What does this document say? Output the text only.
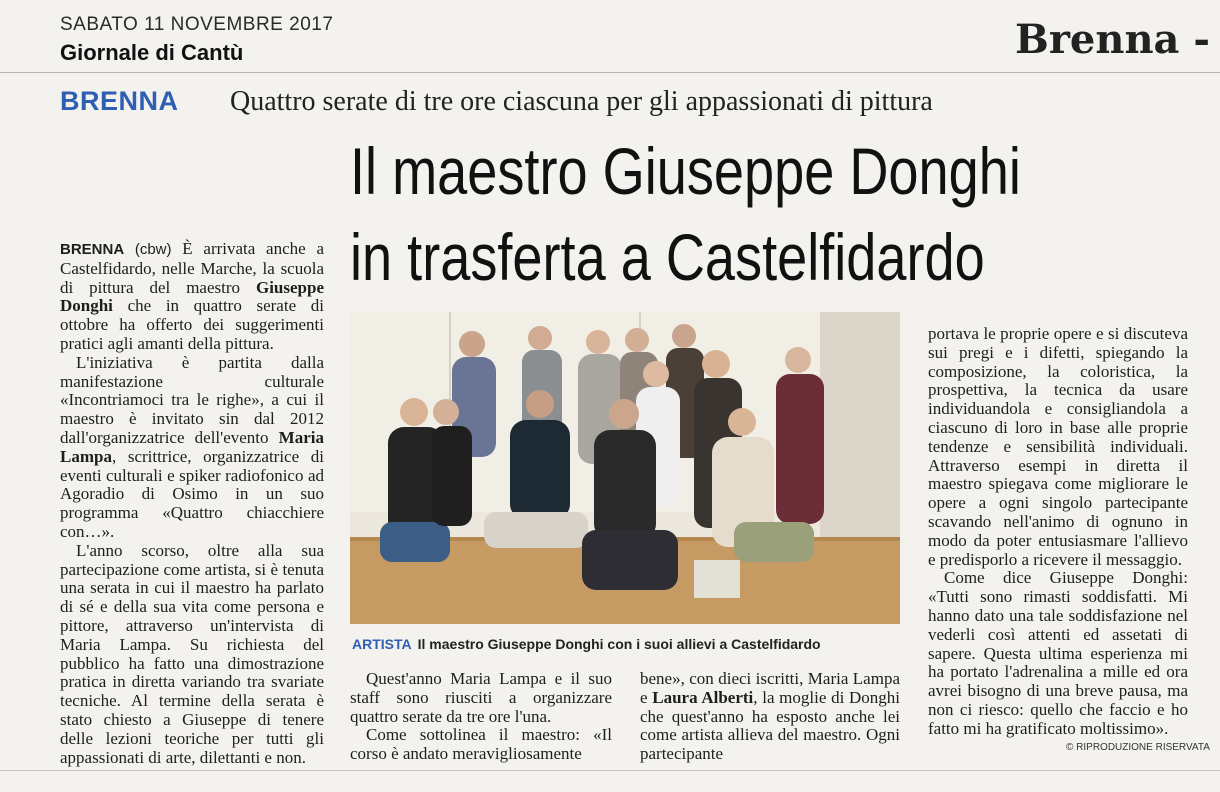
SABATO 11 NOVEMBRE 2017
Giornale di Cantù	Brenna -
BRENNA Quattro serate di tre ore ciascuna per gli appassionati di pittura
Il maestro Giuseppe Donghi
in trasferta a Castelfidardo

BRENNA (cbw) È arrivata anche a Castelfidardo, nelle Marche, la scuola di pittura del maestro Giuseppe Donghi che in quattro serate di ottobre ha offerto dei suggerimenti pratici agli amanti della pittura.

L'iniziativa è partita dalla manifestazione culturale «Incontriamoci tra le righe», a cui il maestro è invitato sin dal 2012 dall'organizzatrice dell'evento Maria Lampa, scrittrice, organizzatrice di eventi culturali e spiker radiofonico ad Agoradio di Osimo in un suo programma «Quattro chiacchiere con…».

L'anno scorso, oltre alla sua partecipazione come artista, si è tenuta una serata in cui il maestro ha parlato di sé e della sua vita come persona e pittore, attraverso un'intervista di Maria Lampa. Su richiesta del pubblico ha fatto una dimostrazione pratica in diretta variando tra svariate tecniche. Al termine della serata è stato chiesto a Giuseppe di tenere delle lezioni teoriche per tutti gli appassionati di arte, dilettanti e non.

ARTISTA Il maestro Giuseppe Donghi con i suoi allievi a Castelfidardo

Quest'anno Maria Lampa e il suo staff sono riusciti a organizzare quattro serate da tre ore l'una.

Come sottolinea il maestro: «Il corso è andato meravigliosamente

bene», con dieci iscritti, Maria Lampa e Laura Alberti, la moglie di Donghi che quest'anno ha esposto anche lei come artista allieva del maestro. Ogni partecipante

portava le proprie opere e si discuteva sui pregi e i difetti, spiegando la composizione, la coloristica, la prospettiva, la tecnica da usare individuandola e consigliandola a ciascuno di loro in base alle proprie tendenze e sensibilità individuali. Attraverso esempi in diretta il maestro spiegava come migliorare le opere a ogni singolo partecipante scavando nell'animo di ognuno in modo da poter entusiasmare l'allievo e predisporlo a ricevere il messaggio.

Come dice Giuseppe Donghi: «Tutti sono rimasti soddisfatti. Mi hanno dato una tale soddisfazione nel vederli così attenti ed assetati di sapere. Questa ultima esperienza mi ha portato l'adrenalina a mille ed ora avrei bisogno di una breve pausa, ma non ci riesco: quello che faccio e ho fatto mi ha gratificato moltissimo».

© RIPRODUZIONE RISERVATA
